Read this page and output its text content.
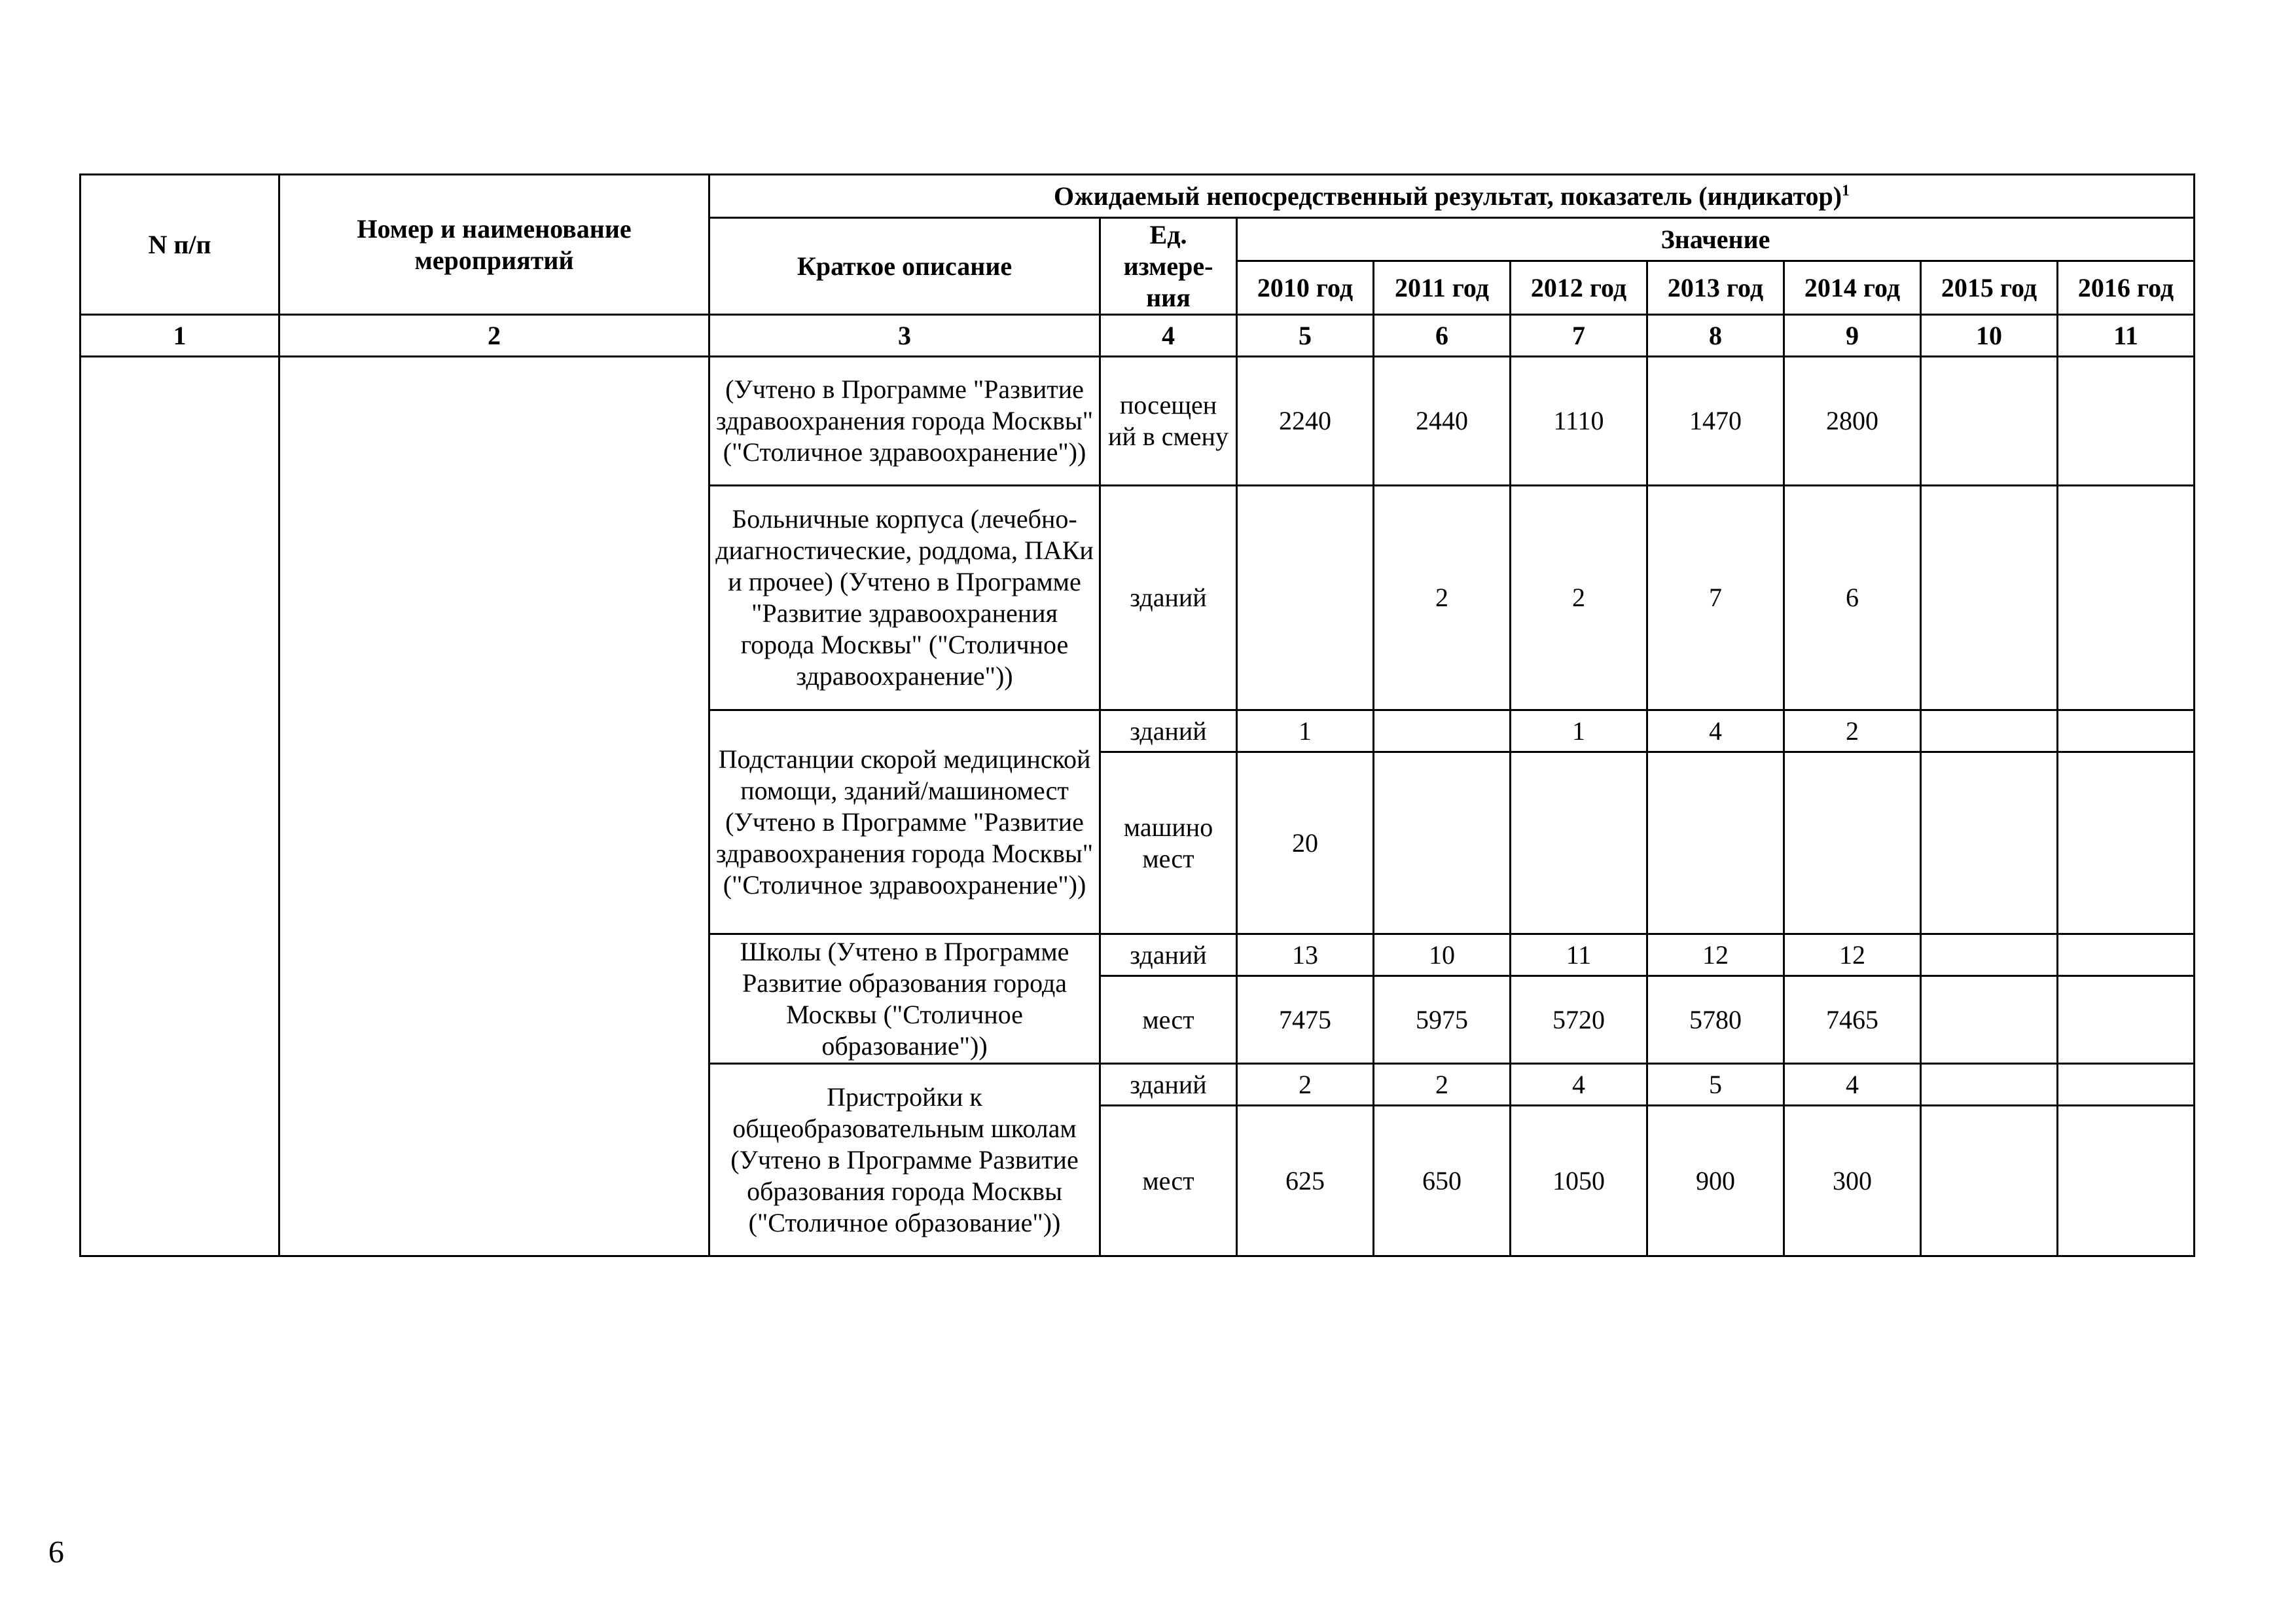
N п/п	Номер и наименование мероприятий	Ожидаемый непосредственный результат, показатель (индикатор)$^1$
		Краткое описание	Ед. измере-ния	Значение						
				2010 год	2011 год	2012 год	2013 год	2014 год	2015 год	2016 год
1	2	3	4	5	6	7	8	9	10	11
		(Учтено в Программе "Развитие здравоохранения города Москвы" ("Столичное здравоохранение"))	посещен ий в смену	2240	2440	1110	1470	2800		
		Больничные корпуса (лечебно-диагностические, роддома, ПАКи и прочее) (Учтено в Программе "Развитие здравоохранения города Москвы" ("Столичное здравоохранение"))	зданий		2	2	7	6		
		Подстанции скорой медицинской помощи, зданий/машиномест (Учтено в Программе "Развитие здравоохранения города Москвы" ("Столичное здравоохранение"))	зданий	1		1	4	2		
			машино мест	20						
		Школы (Учтено в Программе Развитие образования города Москвы ("Столичное образование"))	зданий	13	10	11	12	12		
			мест	7475	5975	5720	5780	7465		
		Пристройки к общеобразовательным школам (Учтено в Программе Развитие образования города Москвы ("Столичное образование"))	зданий	2	2	4	5	4		
			мест	625	650	1050	900	300		

9
